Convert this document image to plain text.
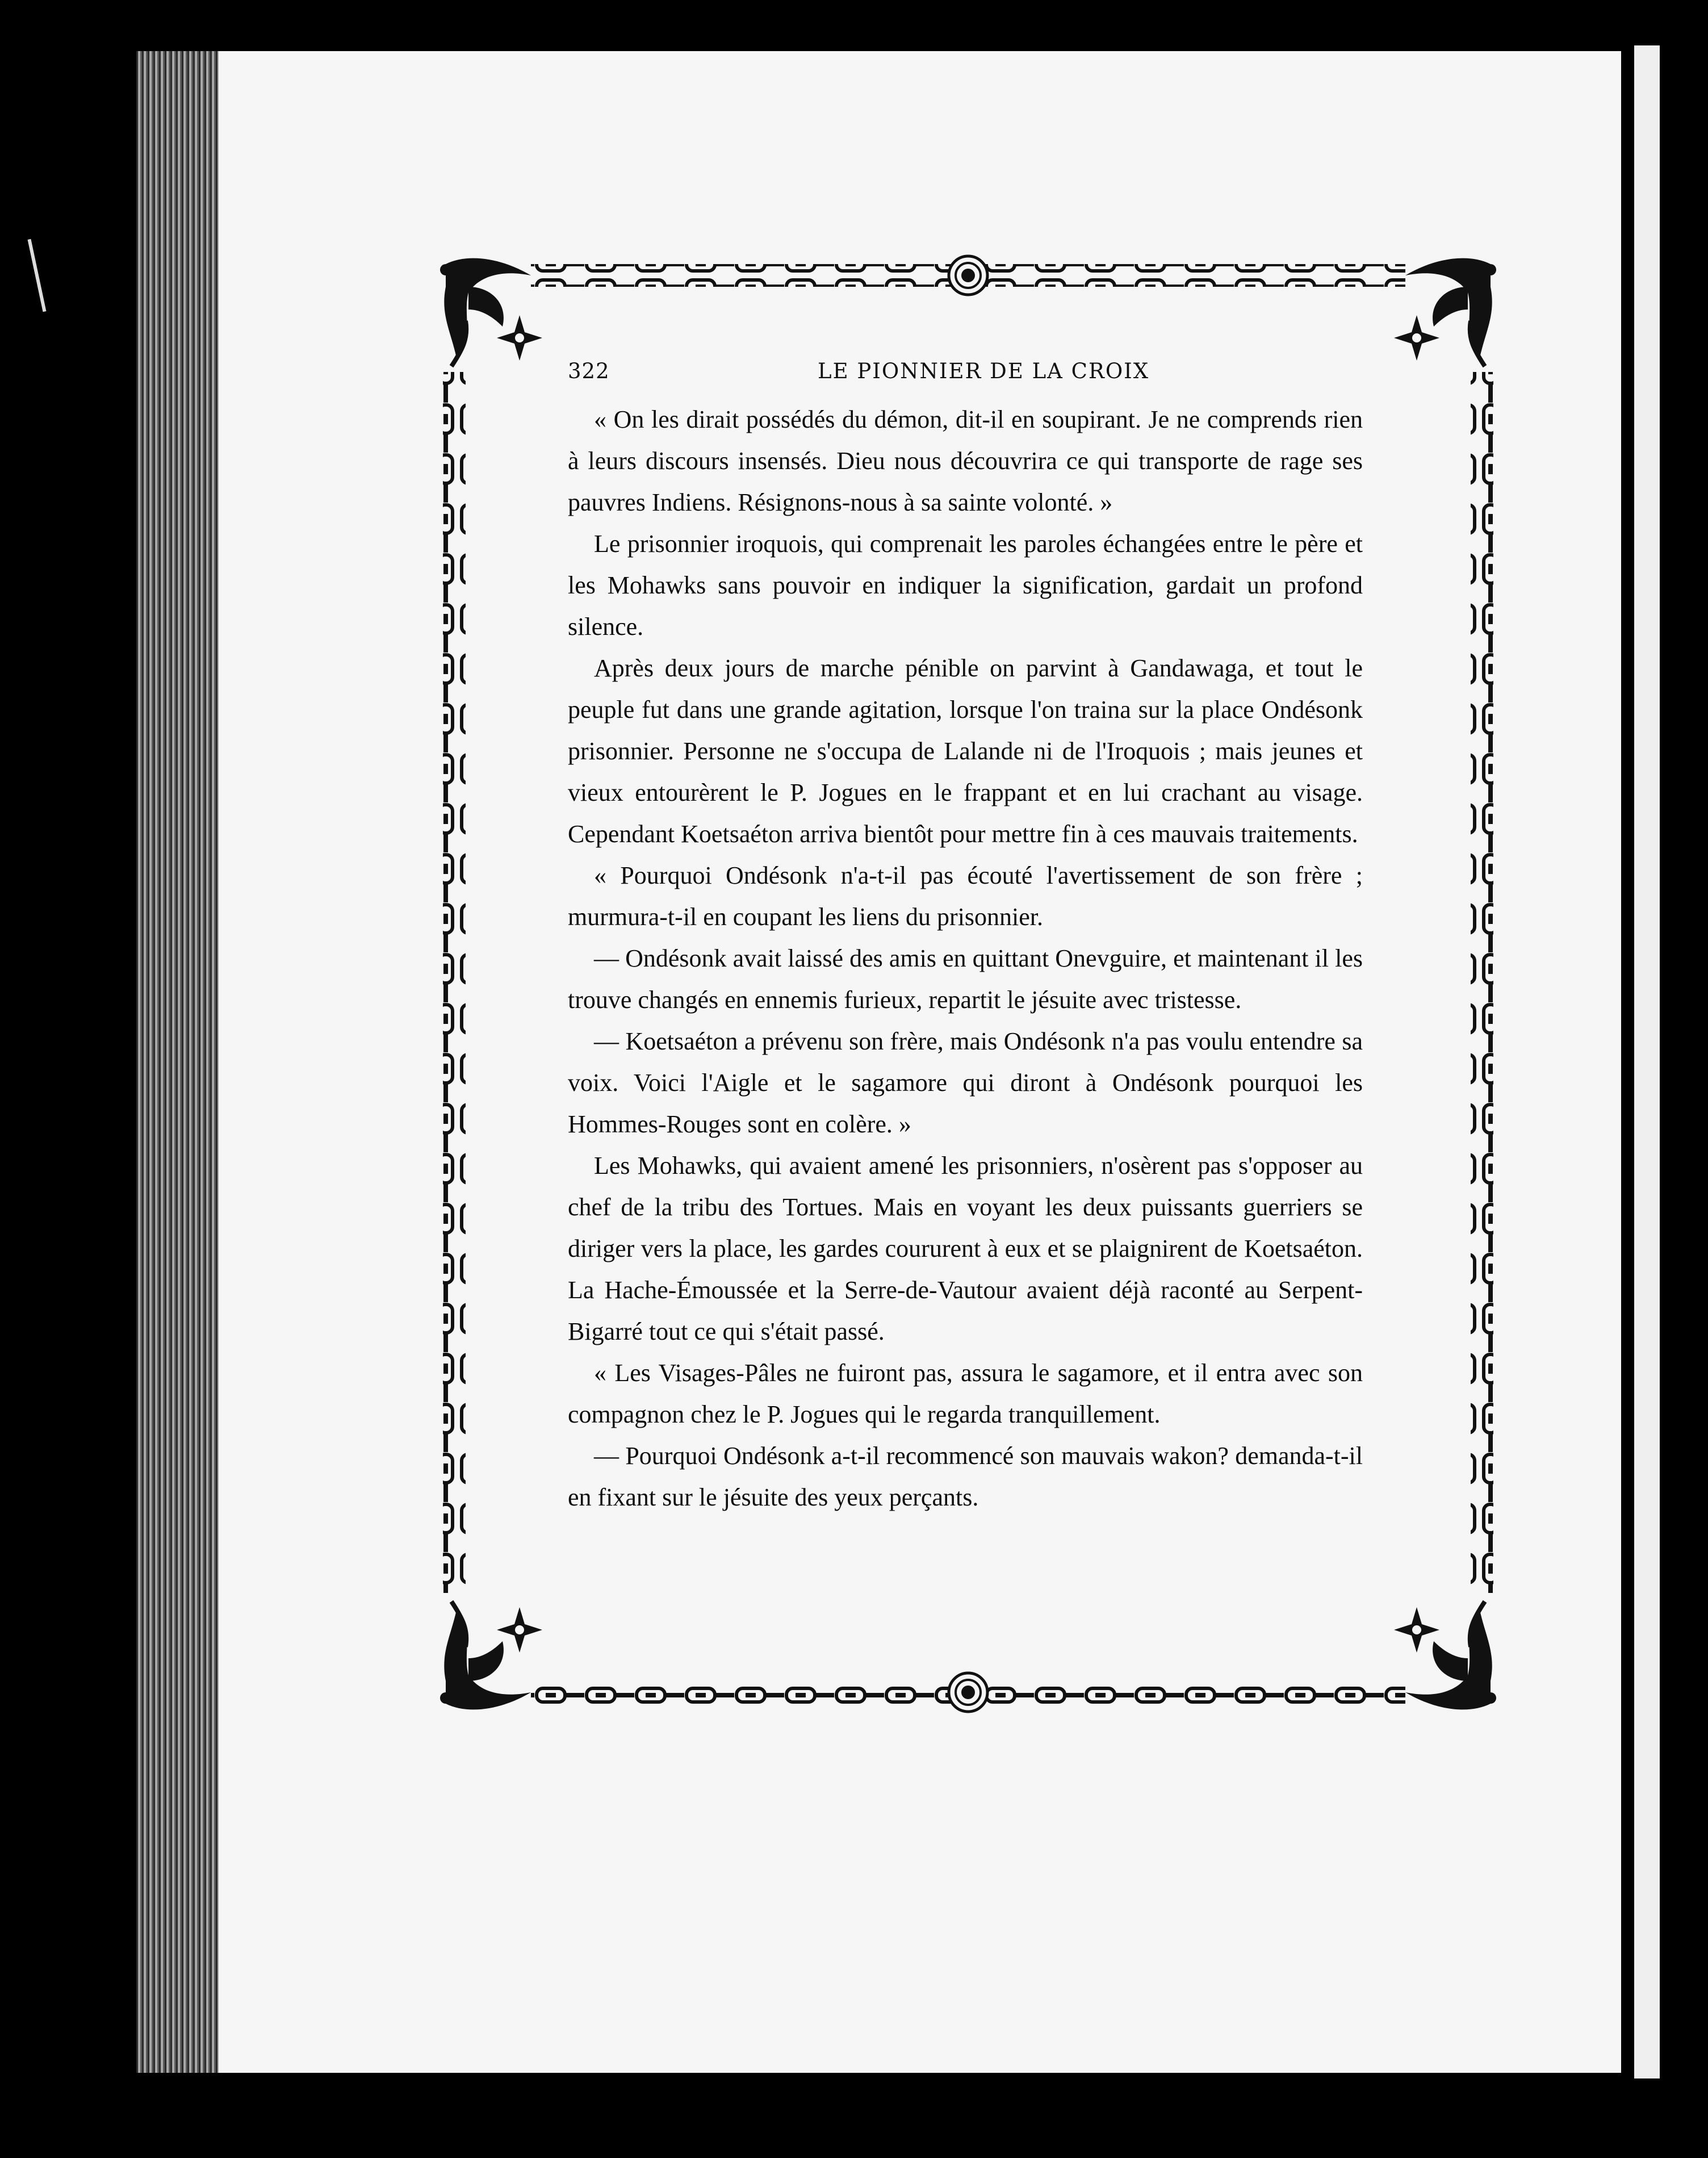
322	LE PIONNIER DE LA CROIX

« On les dirait possédés du démon, dit-il en soupirant. Je ne comprends rien à leurs discours insensés. Dieu nous découvrira ce qui transporte de rage ses pauvres Indiens. Résignons-nous à sa sainte volonté. »

Le prisonnier iroquois, qui comprenait les paroles échangées entre le père et les Mohawks sans pouvoir en indiquer la signification, gardait un profond silence.

Après deux jours de marche pénible on parvint à Gandawaga, et tout le peuple fut dans une grande agitation, lorsque l'on traina sur la place Ondésonk prisonnier. Personne ne s'occupa de Lalande ni de l'Iroquois ; mais jeunes et vieux entourèrent le P. Jogues en le frappant et en lui crachant au visage. Cependant Koetsaéton arriva bientôt pour mettre fin à ces mauvais traitements.

« Pourquoi Ondésonk n'a-t-il pas écouté l'avertissement de son frère ; murmura-t-il en coupant les liens du prisonnier.

— Ondésonk avait laissé des amis en quittant Onevguire, et maintenant il les trouve changés en ennemis furieux, repartit le jésuite avec tristesse.

— Koetsaéton a prévenu son frère, mais Ondésonk n'a pas voulu entendre sa voix. Voici l'Aigle et le sagamore qui diront à Ondésonk pourquoi les Hommes-Rouges sont en colère. »

Les Mohawks, qui avaient amené les prisonniers, n'osèrent pas s'opposer au chef de la tribu des Tortues. Mais en voyant les deux puissants guerriers se diriger vers la place, les gardes coururent à eux et se plaignirent de Koetsaéton. La Hache-Émoussée et la Serre-de-Vautour avaient déjà raconté au Serpent-Bigarré tout ce qui s'était passé.

« Les Visages-Pâles ne fuiront pas, assura le sagamore, et il entra avec son compagnon chez le P. Jogues qui le regarda tranquillement.

— Pourquoi Ondésonk a-t-il recommencé son mauvais wakon? demanda-t-il en fixant sur le jésuite des yeux perçants.
